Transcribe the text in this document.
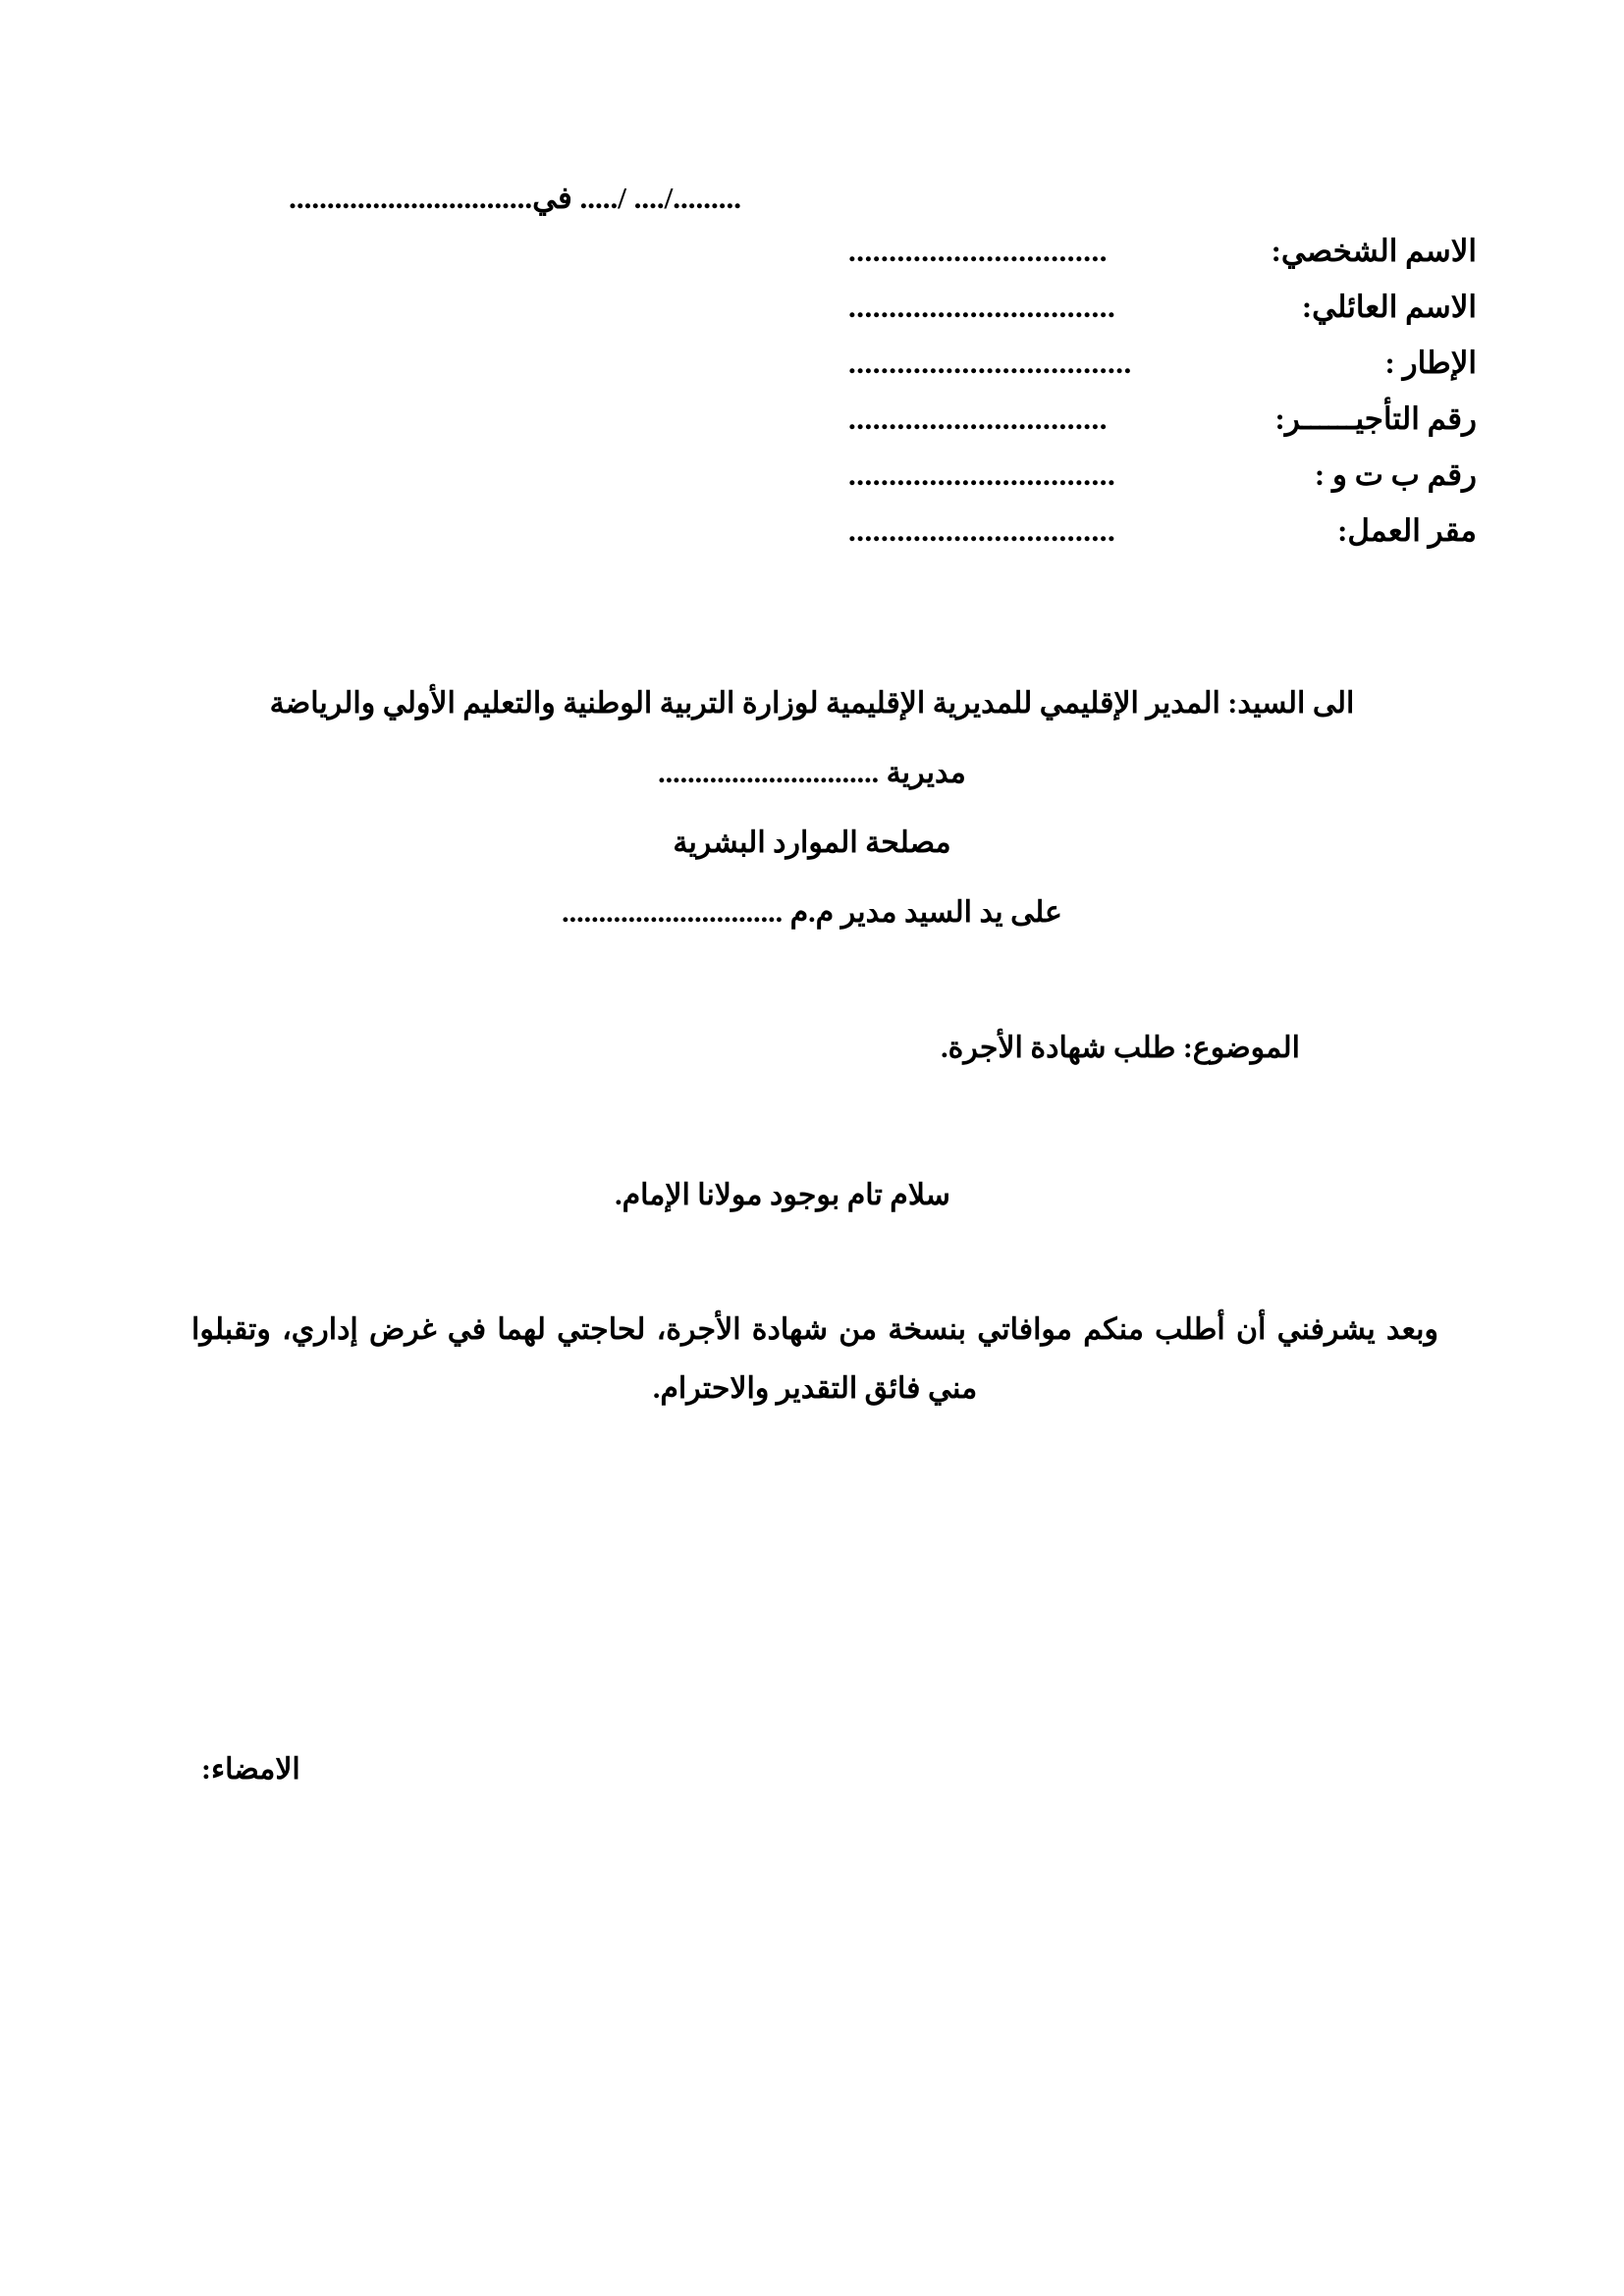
........./.... /..... في................................
الاسم الشخصي:
................................
الاسم العائلي:
.................................
الإطار :
...................................
رقم التأجيــــــر:
................................
رقم ب ت و :
.................................
مقر العمل:
.................................
الى السيد: المدير الإقليمي للمديرية الإقليمية لوزارة التربية الوطنية والتعليم الأولي والرياضة
مديرية ..............................
مصلحة الموارد البشرية
على يد السيد مدير م.م ..............................
الموضوع: طلب شهادة الأجرة.
سلام تام بوجود مولانا الإمام.
وبعد يشرفني أن أطلب منكم موافاتي بنسخة من شهادة الأجرة، لحاجتي لهما في غرض إداري، وتقبلوا
مني فائق التقدير والاحترام.
الامضاء:
